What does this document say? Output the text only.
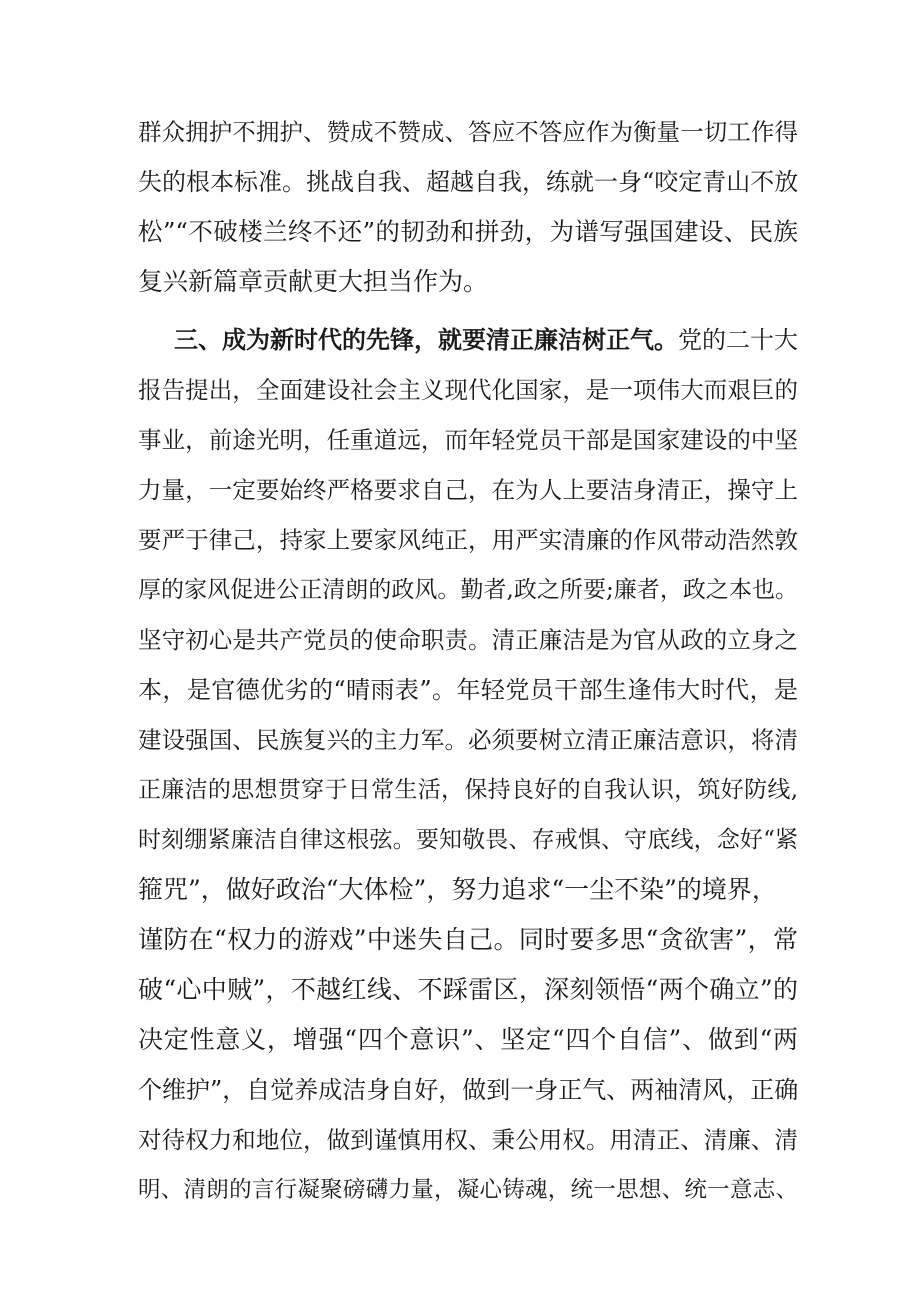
群众拥护不拥护、赞成不赞成、答应不答应作为衡量一切工作得
失的根本标准。挑战自我、超越自我，练就一身“咬定青山不放
松”“不破楼兰终不还”的韧劲和拼劲，为谱写强国建设、民族
复兴新篇章贡献更大担当作为。
三、成为新时代的先锋，就要清正廉洁树正气。党的二十大
报告提出，全面建设社会主义现代化国家，是一项伟大而艰巨的
事业，前途光明，任重道远，而年轻党员干部是国家建设的中坚
力量，一定要始终严格要求自己，在为人上要洁身清正，操守上
要严于律己，持家上要家风纯正，用严实清廉的作风带动浩然敦
厚的家风促进公正清朗的政风。勤者,政之所要;廉者，政之本也。
坚守初心是共产党员的使命职责。清正廉洁是为官从政的立身之
本，是官德优劣的“晴雨表”。年轻党员干部生逢伟大时代，是
建设强国、民族复兴的主力军。必须要树立清正廉洁意识，将清
正廉洁的思想贯穿于日常生活，保持良好的自我认识，筑好防线,
时刻绷紧廉洁自律这根弦。要知敬畏、存戒惧、守底线，念好“紧
箍咒”，做好政治“大体检”，努力追求“一尘不染”的境界，
谨防在“权力的游戏”中迷失自己。同时要多思“贪欲害”，常
破“心中贼”，不越红线、不踩雷区，深刻领悟“两个确立”的
决定性意义，增强“四个意识”、坚定“四个自信”、做到“两
个维护”，自觉养成洁身自好，做到一身正气、两袖清风，正确
对待权力和地位，做到谨慎用权、秉公用权。用清正、清廉、清
明、清朗的言行凝聚磅礴力量，凝心铸魂，统一思想、统一意志、
